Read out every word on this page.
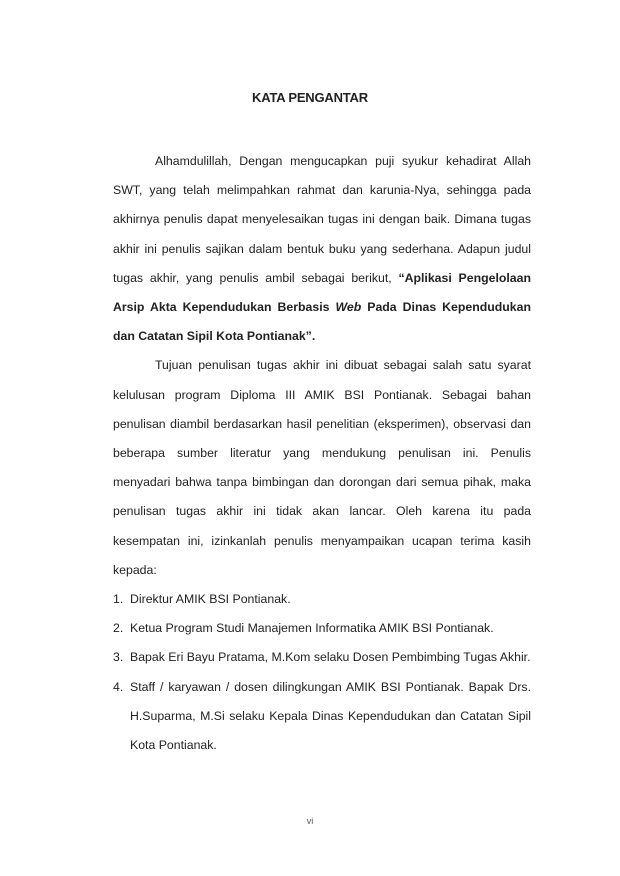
KATA PENGANTAR

Alhamdulillah, Dengan mengucapkan puji syukur kehadirat Allah SWT, yang telah melimpahkan rahmat dan karunia-Nya, sehingga pada akhirnya penulis dapat menyelesaikan tugas ini dengan baik. Dimana tugas akhir ini penulis sajikan dalam bentuk buku yang sederhana. Adapun judul tugas akhir, yang penulis ambil sebagai berikut, “Aplikasi Pengelolaan Arsip Akta Kependudukan Berbasis Web Pada Dinas Kependudukan dan Catatan Sipil Kota Pontianak”.

Tujuan penulisan tugas akhir ini dibuat sebagai salah satu syarat kelulusan program Diploma III AMIK BSI Pontianak. Sebagai bahan penulisan diambil berdasarkan hasil penelitian (eksperimen), observasi dan beberapa sumber literatur yang mendukung penulisan ini. Penulis menyadari bahwa tanpa bimbingan dan dorongan dari semua pihak, maka penulisan tugas akhir ini tidak akan lancar. Oleh karena itu pada kesempatan ini, izinkanlah penulis menyampaikan ucapan terima kasih kepada:

1. Direktur AMIK BSI Pontianak.
2. Ketua Program Studi Manajemen Informatika AMIK BSI Pontianak.
3. Bapak Eri Bayu Pratama, M.Kom selaku Dosen Pembimbing Tugas Akhir.
4. Staff / karyawan / dosen dilingkungan AMIK BSI Pontianak. Bapak Drs. H.Suparma, M.Si selaku Kepala Dinas Kependudukan dan Catatan Sipil Kota Pontianak.
vi
